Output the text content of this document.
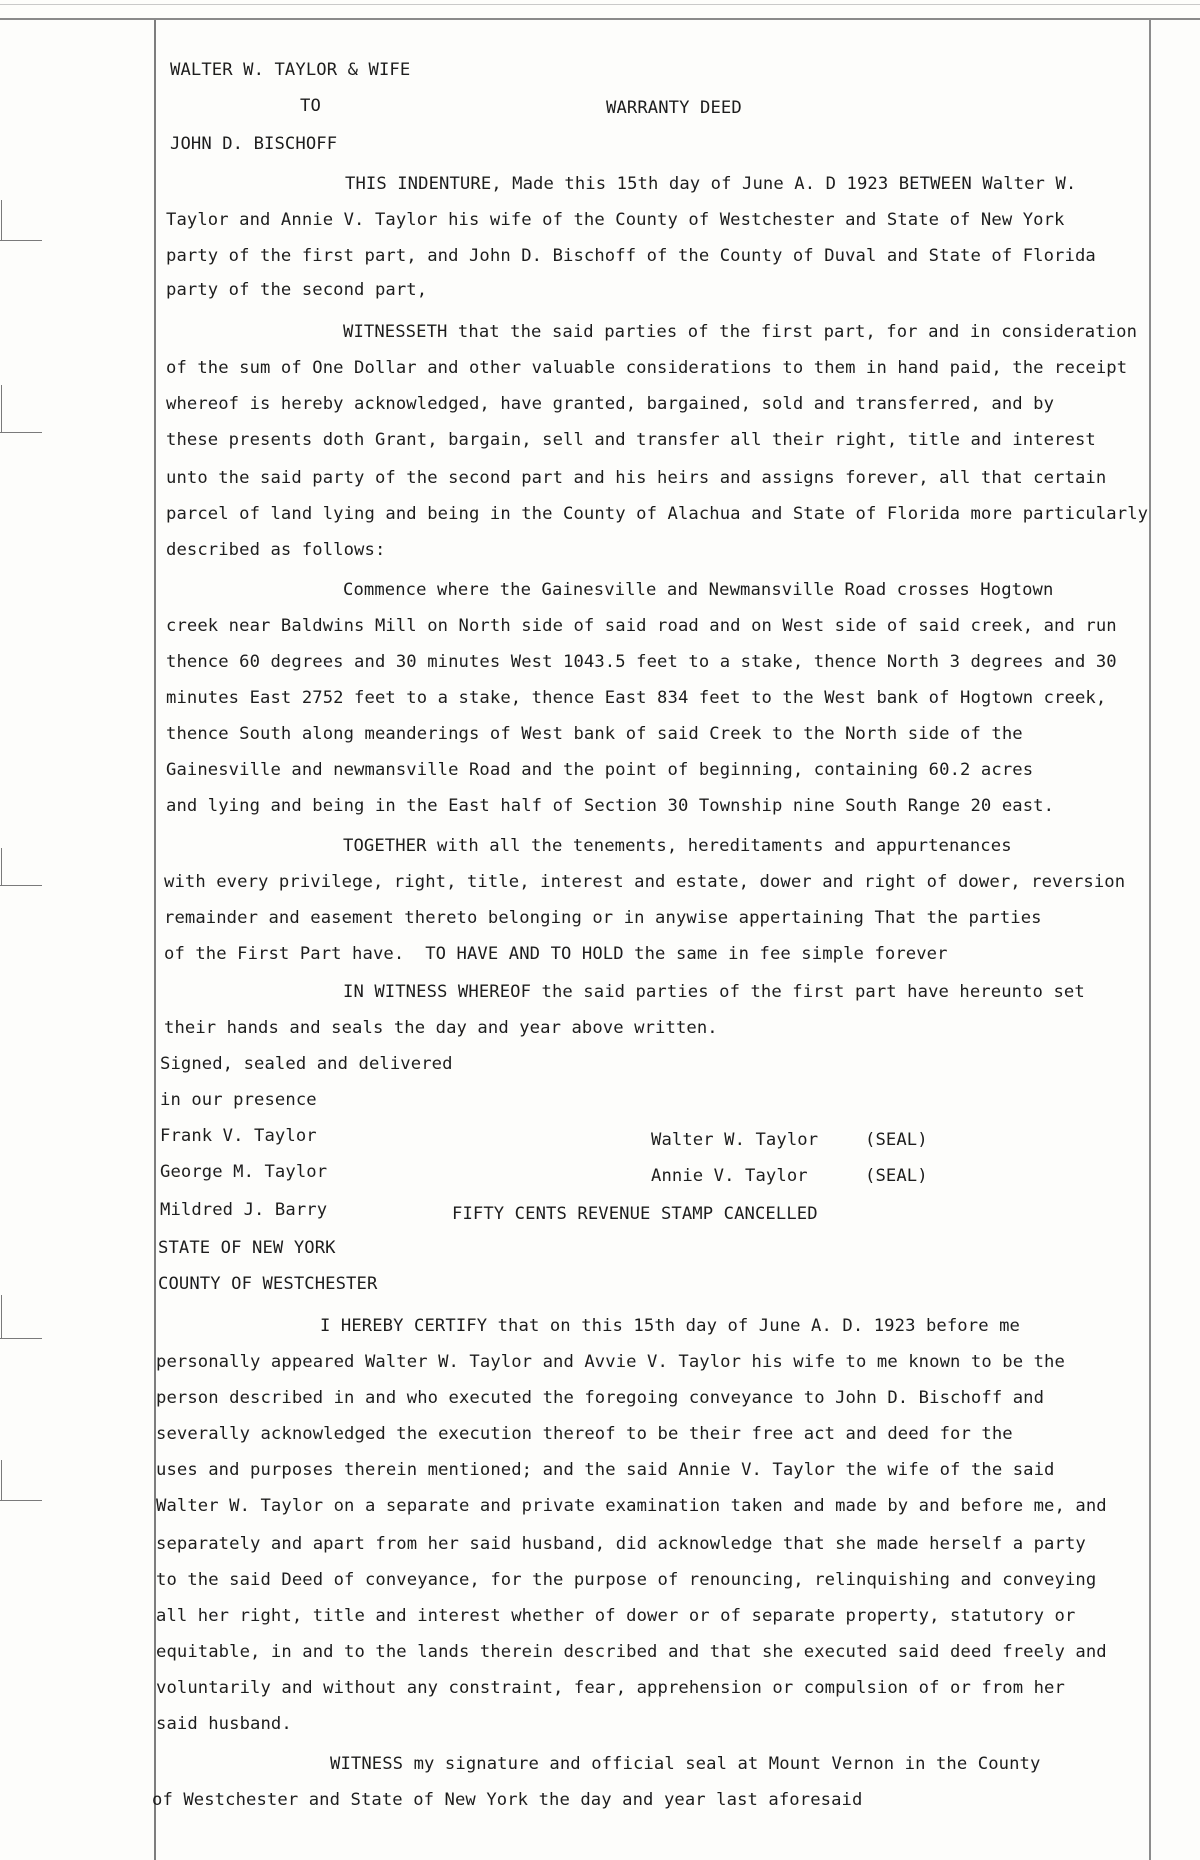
WALTER W. TAYLOR & WIFE
TO	WARRANTY DEED
JOHN D. BISCHOFF
THIS INDENTURE, Made this 15th day of June A. D 1923 BETWEEN Walter W.
Taylor and Annie V. Taylor his wife of the County of Westchester and State of New York
party of the first part, and John D. Bischoff of the County of Duval and State of Florida
party of the second part,
WITNESSETH that the said parties of the first part, for and in consideration
of the sum of One Dollar and other valuable considerations to them in hand paid, the receipt
whereof is hereby acknowledged, have granted, bargained, sold and transferred, and by
these presents doth Grant, bargain, sell and transfer all their right, title and interest
unto the said party of the second part and his heirs and assigns forever, all that certain
parcel of land lying and being in the County of Alachua and State of Florida more particularly
described as follows:
Commence where the Gainesville and Newmansville Road crosses Hogtown
creek near Baldwins Mill on North side of said road and on West side of said creek, and run
thence 60 degrees and 30 minutes West 1043.5 feet to a stake, thence North 3 degrees and 30
minutes East 2752 feet to a stake, thence East 834 feet to the West bank of Hogtown creek,
thence South along meanderings of West bank of said Creek to the North side of the
Gainesville and newmansville Road and the point of beginning, containing 60.2 acres
and lying and being in the East half of Section 30 Township nine South Range 20 east.
TOGETHER with all the tenements, hereditaments and appurtenances
with every privilege, right, title, interest and estate, dower and right of dower, reversion
remainder and easement thereto belonging or in anywise appertaining That the parties
of the First Part have.  TO HAVE AND TO HOLD the same in fee simple forever
IN WITNESS WHEREOF the said parties of the first part have hereunto set
their hands and seals the day and year above written.
Signed, sealed and delivered
in our presence
Frank V. Taylor
George M. Taylor
Mildred J. Barry
Walter W. Taylor	(SEAL)
Annie V. Taylor	(SEAL)
FIFTY CENTS REVENUE STAMP CANCELLED
STATE OF NEW YORK
COUNTY OF WESTCHESTER
I HEREBY CERTIFY that on this 15th day of June A. D. 1923 before me
personally appeared Walter W. Taylor and Avvie V. Taylor his wife to me known to be the
person described in and who executed the foregoing conveyance to John D. Bischoff and
severally acknowledged the execution thereof to be their free act and deed for the
uses and purposes therein mentioned; and the said Annie V. Taylor the wife of the said
Walter W. Taylor on a separate and private examination taken and made by and before me, and
separately and apart from her said husband, did acknowledge that she made herself a party
to the said Deed of conveyance, for the purpose of renouncing, relinquishing and conveying
all her right, title and interest whether of dower or of separate property, statutory or
equitable, in and to the lands therein described and that she executed said deed freely and
voluntarily and without any constraint, fear, apprehension or compulsion of or from her
said husband.
WITNESS my signature and official seal at Mount Vernon in the County
of Westchester and State of New York the day and year last aforesaid
